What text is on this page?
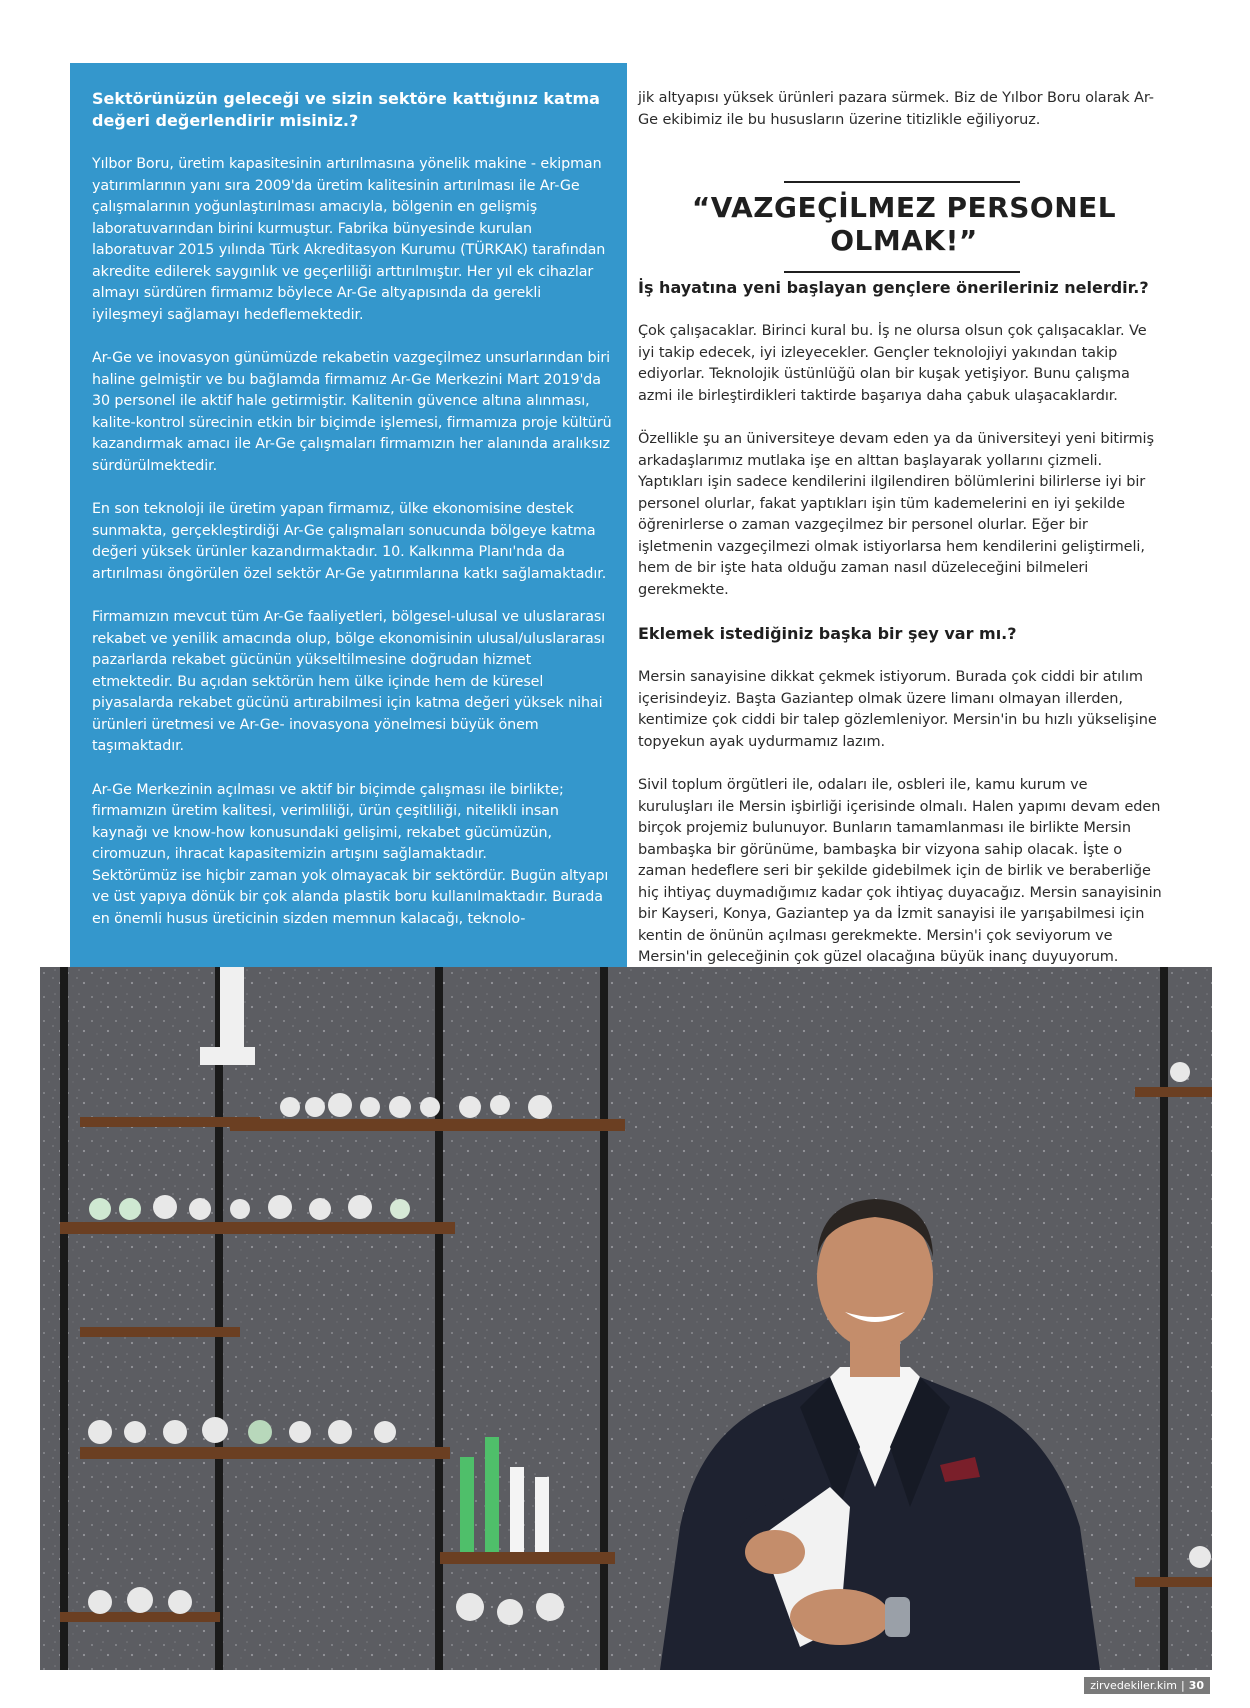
Sektörünüzün geleceği ve sizin sektöre kattığınız katma değeri değerlendirir misiniz.?

Yılbor Boru, üretim kapasitesinin artırılmasına yönelik makine - ekipman yatırımlarının yanı sıra 2009'da üretim kalitesinin artırılması ile Ar-Ge çalışmalarının yoğunlaştırılması amacıyla, bölgenin en gelişmiş laboratuvarından birini kurmuştur. Fabrika bünyesinde kurulan laboratuvar 2015 yılında Türk Akreditasyon Kurumu (TÜRKAK) tarafından akredite edilerek saygınlık ve geçerliliği arttırılmıştır. Her yıl ek cihazlar almayı sürdüren firmamız böylece Ar-Ge altyapısında da gerekli iyileşmeyi sağlamayı hedeflemektedir.

Ar-Ge ve inovasyon günümüzde rekabetin vazgeçilmez unsurlarından biri haline gelmiştir ve bu bağlamda firmamız Ar-Ge Merkezini Mart 2019'da 30 personel ile aktif hale getirmiştir. Kalitenin güvence altına alınması, kalite-kontrol sürecinin etkin bir biçimde işlemesi, firmamıza proje kültürü kazandırmak amacı ile Ar-Ge çalışmaları firmamızın her alanında aralıksız sürdürülmektedir.

En son teknoloji ile üretim yapan firmamız, ülke ekonomisine destek sunmakta, gerçekleştirdiği Ar-Ge çalışmaları sonucunda bölgeye katma değeri yüksek ürünler kazandırmaktadır. 10. Kalkınma Planı'nda da artırılması öngörülen özel sektör Ar-Ge yatırımlarına katkı sağlamaktadır.

Firmamızın mevcut tüm Ar-Ge faaliyetleri, bölgesel-ulusal ve uluslararası rekabet ve yenilik amacında olup, bölge ekonomisinin ulusal/uluslararası pazarlarda rekabet gücünün yükseltilmesine doğrudan hizmet etmektedir. Bu açıdan sektörün hem ülke içinde hem de küresel piyasalarda rekabet gücünü artırabilmesi için katma değeri yüksek nihai ürünleri üretmesi ve Ar-Ge- inovasyona yönelmesi büyük önem taşımaktadır.

Ar-Ge Merkezinin açılması ve aktif bir biçimde çalışması ile birlikte; firmamızın üretim kalitesi, verimliliği, ürün çeşitliliği, nitelikli insan kaynağı ve know-how konusundaki gelişimi, rekabet gücümüzün, ciromuzun, ihracat kapasitemizin artışını sağlamaktadır.

Sektörümüz ise hiçbir zaman yok olmayacak bir sektördür. Bugün altyapı ve üst yapıya dönük bir çok alanda plastik boru kullanılmaktadır. Burada en önemli husus üreticinin sizden memnun kalacağı, teknolo-

jik altyapısı yüksek ürünleri pazara sürmek. Biz de Yılbor Boru olarak Ar-Ge ekibimiz ile bu hususların üzerine titizlikle eğiliyoruz.

“VAZGEÇİLMEZ PERSONEL OLMAK!”

İş hayatına yeni başlayan gençlere önerileriniz nelerdir.?

Çok çalışacaklar. Birinci kural bu. İş ne olursa olsun çok çalışacaklar. Ve iyi takip edecek, iyi izleyecekler. Gençler teknolojiyi yakından takip ediyorlar. Teknolojik üstünlüğü olan bir kuşak yetişiyor. Bunu çalışma azmi ile birleştirdikleri taktirde başarıya daha çabuk ulaşacaklardır.

Özellikle şu an üniversiteye devam eden ya da üniversiteyi yeni bitirmiş arkadaşlarımız mutlaka işe en alttan başlayarak yollarını çizmeli. Yaptıkları işin sadece kendilerini ilgilendiren bölümlerini bilirlerse iyi bir personel olurlar, fakat yaptıkları işin tüm kademelerini en iyi şekilde öğrenirlerse o zaman vazgeçilmez bir personel olurlar. Eğer bir işletmenin vazgeçilmezi olmak istiyorlarsa hem kendilerini geliştirmeli, hem de bir işte hata olduğu zaman nasıl düzeleceğini bilmeleri gerekmekte.

Eklemek istediğiniz başka bir şey var mı.?

Mersin sanayisine dikkat çekmek istiyorum. Burada çok ciddi bir atılım içerisindeyiz. Başta Gaziantep olmak üzere limanı olmayan illerden, kentimize çok ciddi bir talep gözlemleniyor. Mersin'in bu hızlı yükselişine topyekun ayak uydurmamız lazım.

Sivil toplum örgütleri ile, odaları ile, osbleri ile, kamu kurum ve kuruluşları ile Mersin işbirliği içerisinde olmalı. Halen yapımı devam eden birçok projemiz bulunuyor. Bunların tamamlanması ile birlikte Mersin bambaşka bir görünüme, bambaşka bir vizyona sahip olacak. İşte o zaman hedeflere seri bir şekilde gidebilmek için de birlik ve beraberliğe hiç ihtiyaç duymadığımız kadar çok ihtiyaç duyacağız. Mersin sanayisinin bir Kayseri, Konya, Gaziantep ya da İzmit sanayisi ile yarışabilmesi için kentin de önünün açılması gerekmekte. Mersin'i çok seviyorum ve Mersin'in geleceğinin çok güzel olacağına büyük inanç duyuyorum.

zirvedekiler.kim | 30
